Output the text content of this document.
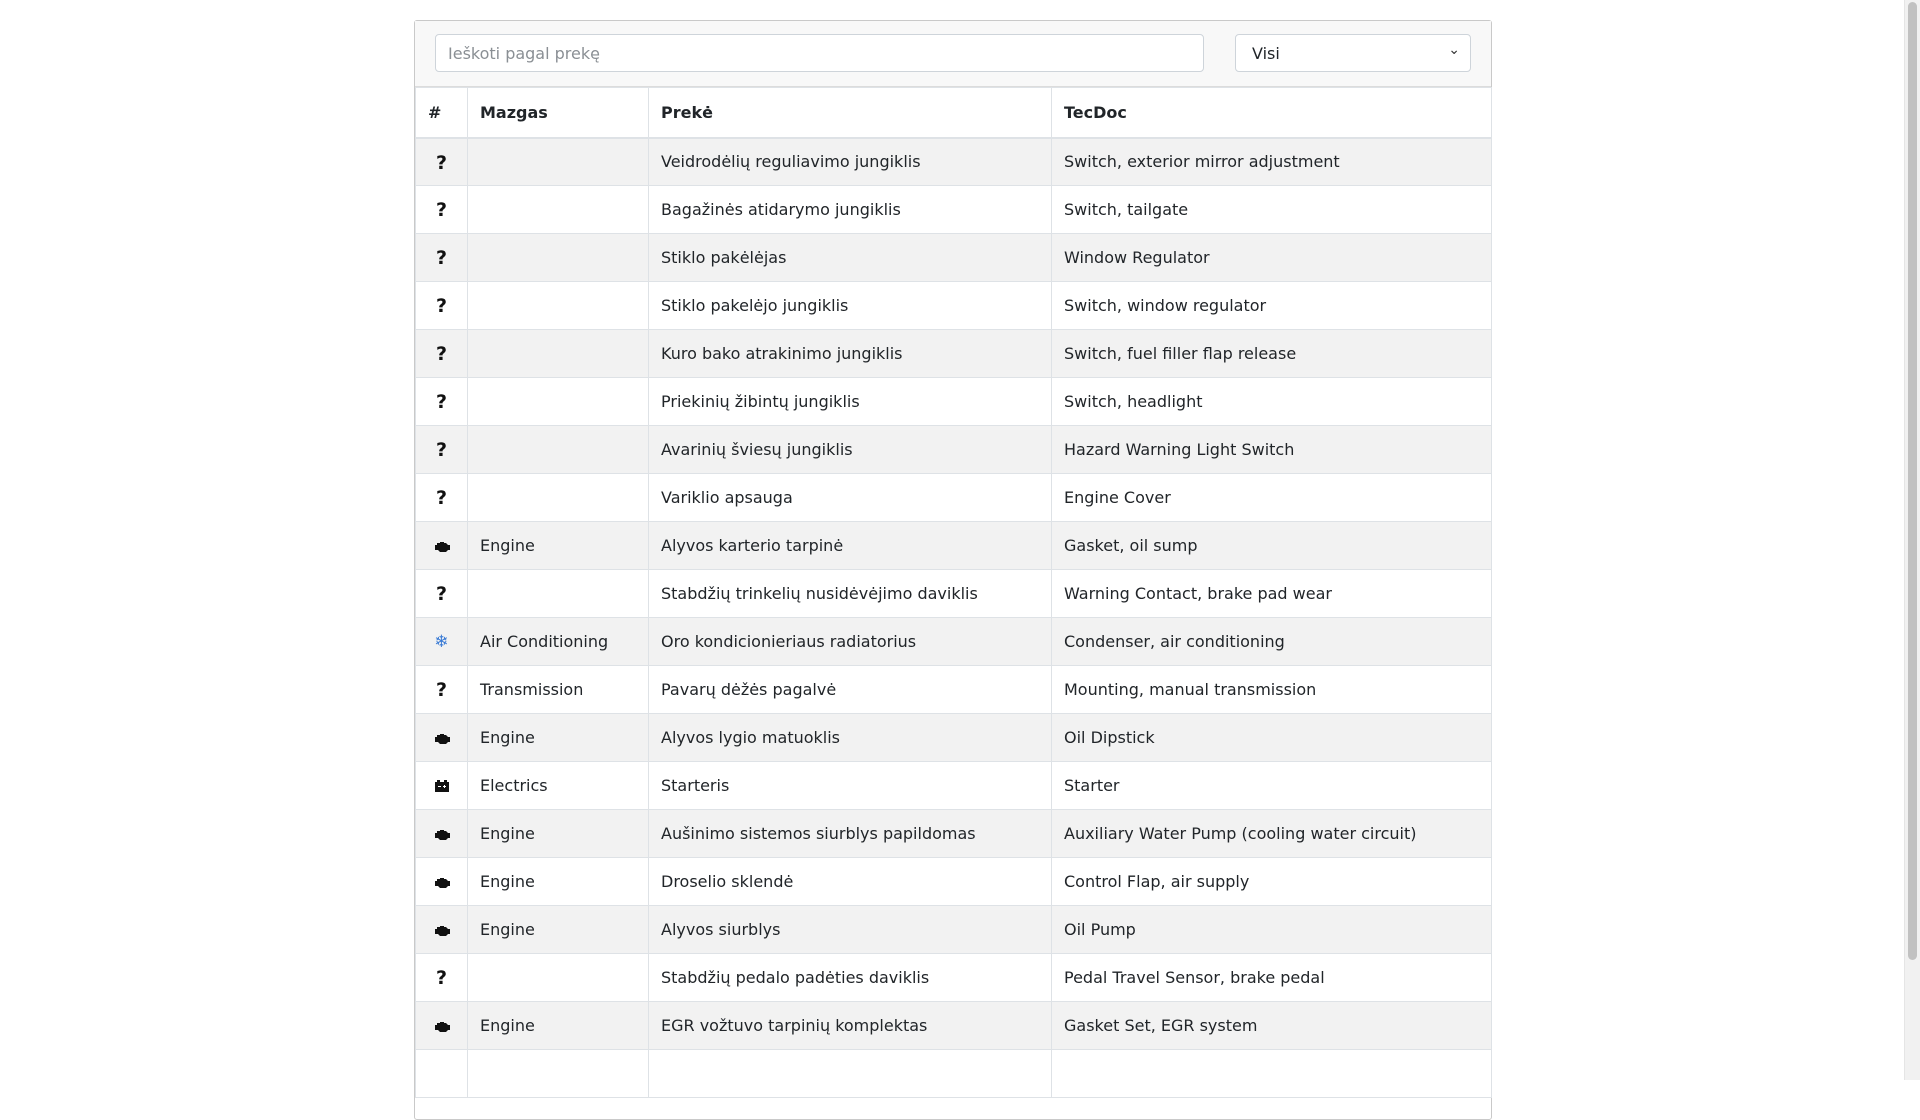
Ieškoti pagal prekę
Visi	⌄
#	Mazgas	Prekė	TecDoc
?		Veidrodėlių reguliavimo jungiklis	Switch, exterior mirror adjustment
?		Bagažinės atidarymo jungiklis	Switch, tailgate
?		Stiklo pakėlėjas	Window Regulator
?		Stiklo pakelėjo jungiklis	Switch, window regulator
?		Kuro bako atrakinimo jungiklis	Switch, fuel filler flap release
?		Priekinių žibintų jungiklis	Switch, headlight
?		Avarinių šviesų jungiklis	Hazard Warning Light Switch
?		Variklio apsauga	Engine Cover
	Engine	Alyvos karterio tarpinė	Gasket, oil sump
?		Stabdžių trinkelių nusidėvėjimo daviklis	Warning Contact, brake pad wear
❄	Air Conditioning	Oro kondicionieriaus radiatorius	Condenser, air conditioning
?	Transmission	Pavarų dėžės pagalvė	Mounting, manual transmission
	Engine	Alyvos lygio matuoklis	Oil Dipstick
	Electrics	Starteris	Starter
	Engine	Aušinimo sistemos siurblys papildomas	Auxiliary Water Pump (cooling water circuit)
	Engine	Droselio sklendė	Control Flap, air supply
	Engine	Alyvos siurblys	Oil Pump
?		Stabdžių pedalo padėties daviklis	Pedal Travel Sensor, brake pedal
	Engine	EGR vožtuvo tarpinių komplektas	Gasket Set, EGR system
